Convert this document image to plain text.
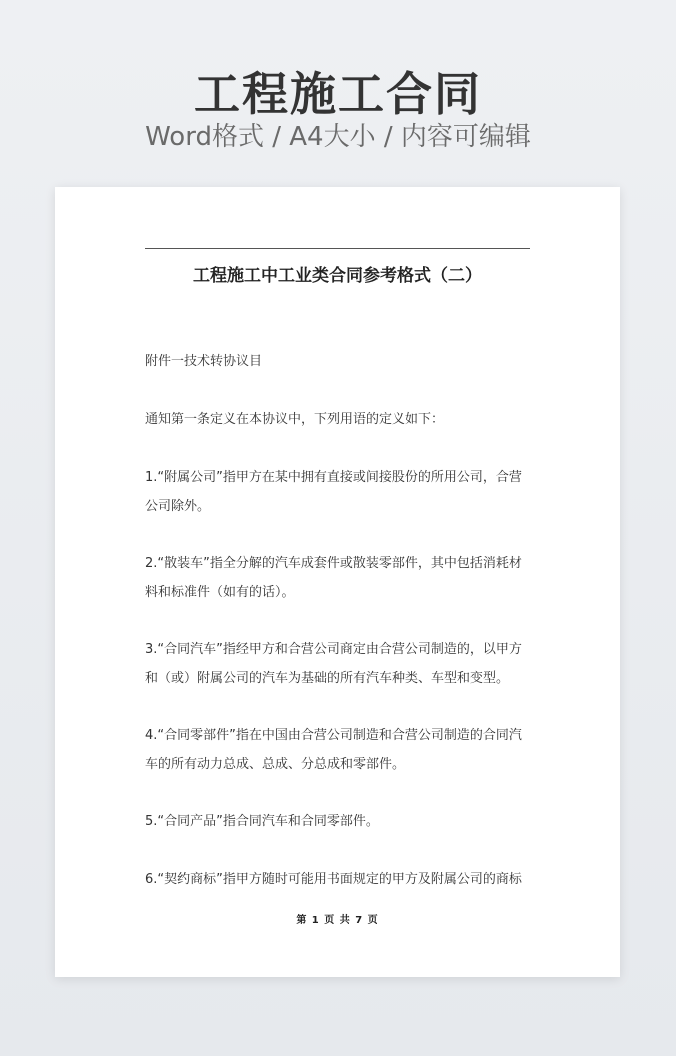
工程施工合同
Word格式 / A4大小 / 内容可编辑
工程施工中工业类合同参考格式（二）
附件一技术转协议目
通知第一条定义在本协议中，下列用语的定义如下：
1.“附属公司”指甲方在某中拥有直接或间接股份的所用公司，合营公司除外。
2.“散装车”指全分解的汽车成套件或散装零部件，其中包括消耗材料和标准件（如有的话）。
3.“合同汽车”指经甲方和合营公司商定由合营公司制造的，以甲方和（或）附属公司的汽车为基础的所有汽车种类、车型和变型。
4.“合同零部件”指在中国由合营公司制造和合营公司制造的合同汽车的所有动力总成、总成、分总成和零部件。
5.“合同产品”指合同汽车和合同零部件。
6.“契约商标”指甲方随时可能用书面规定的甲方及附属公司的商标
第 1 页 共 7 页
